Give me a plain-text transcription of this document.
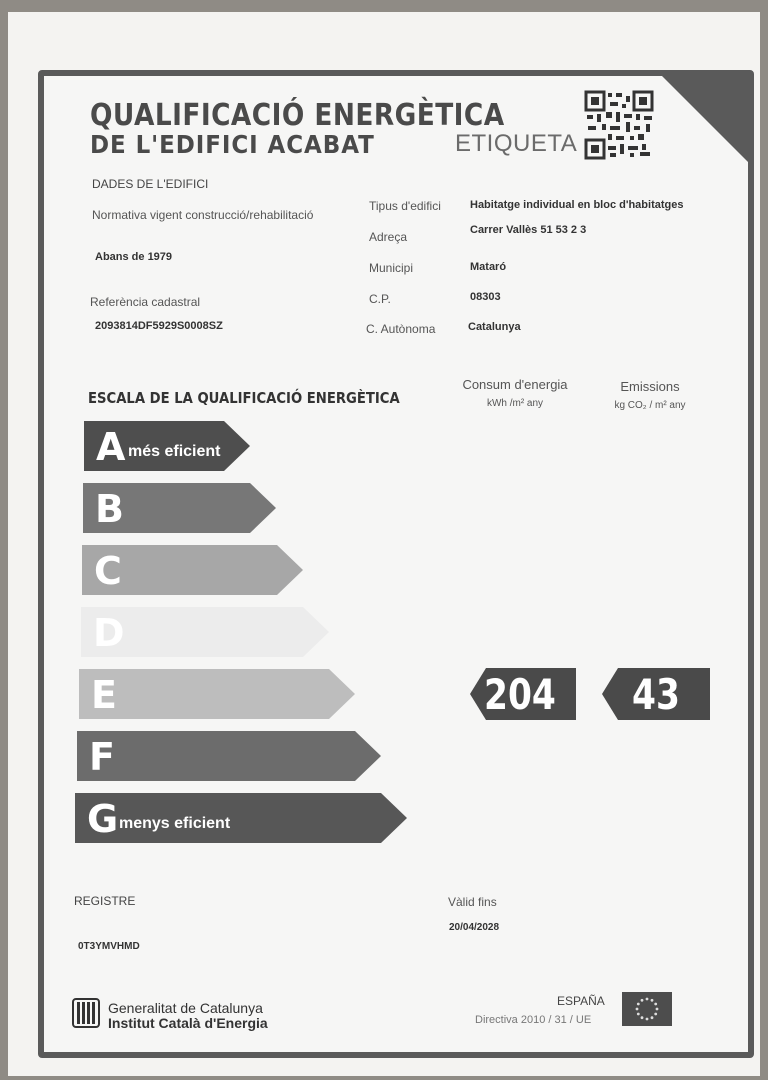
QUALIFICACIÓ ENERGÈTICA
DE L'EDIFICI ACABAT	ETIQUETA
DADES DE L'EDIFICI
Normativa vigent construcció/rehabilitació
Abans de 1979
Referència cadastral
2093814DF5929S0008SZ
Tipus d'edifici	Habitatge individual en bloc d'habitatges
Adreça	Carrer Vallès 51 53 2 3
Municipi	Mataró
C.P.	08303
C. Autònoma	Catalunya
ESCALA DE LA QUALIFICACIÓ ENERGÈTICA
Consum d'energia
kWh /m² any
Emissions
kg CO₂ / m² any
A més eficient
B
C
D
E
F
G menys eficient
204 43
REGISTRE
0T3YMVHMD
Vàlid fins
20/04/2028
Generalitat de Catalunya
Institut Català d'Energia
ESPAÑA
Directiva 2010 / 31 / UE
